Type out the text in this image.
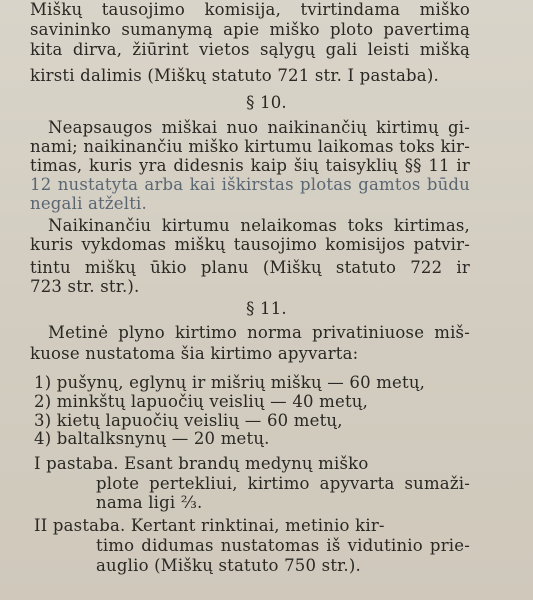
Miškų tausojimo komisija, tvirtindama miško
savininko sumanymą apie miško ploto pavertimą
kita dirva, žiūrint vietos sąlygų gali leisti mišką
kirsti dalimis (Miškų statuto 721 str. I pastaba).
§ 10.
Neapsaugos miškai nuo naikinančių kirtimų gi-
nami; naikinančiu miško kirtumu laikomas toks kir-
timas, kuris yra didesnis kaip šių taisyklių §§ 11 ir
12 nustatyta arba kai iškirstas plotas gamtos būdu
negali atželti.
Naikinančiu kirtumu nelaikomas toks kirtimas,
kuris vykdomas miškų tausojimo komisijos patvir-
tintu miškų ūkio planu (Miškų statuto 722 ir
723 str. str.).
§ 11.
Metinė plyno kirtimo norma privatiniuose miš-
kuose nustatoma šia kirtimo apyvarta:
1) pušynų, eglynų ir mišrių miškų — 60 metų,
2) minkštų lapuočių veislių — 40 metų,
3) kietų lapuočių veislių — 60 metų,
4) baltalksnynų — 20 metų.
I pastaba. Esant brandų medynų miško
plote pertekliui, kirtimo apyvarta sumaži-
nama ligi ⅔.
II pastaba. Kertant rinktinai, metinio kir-
timo didumas nustatomas iš vidutinio prie-
auglio (Miškų statuto 750 str.).
